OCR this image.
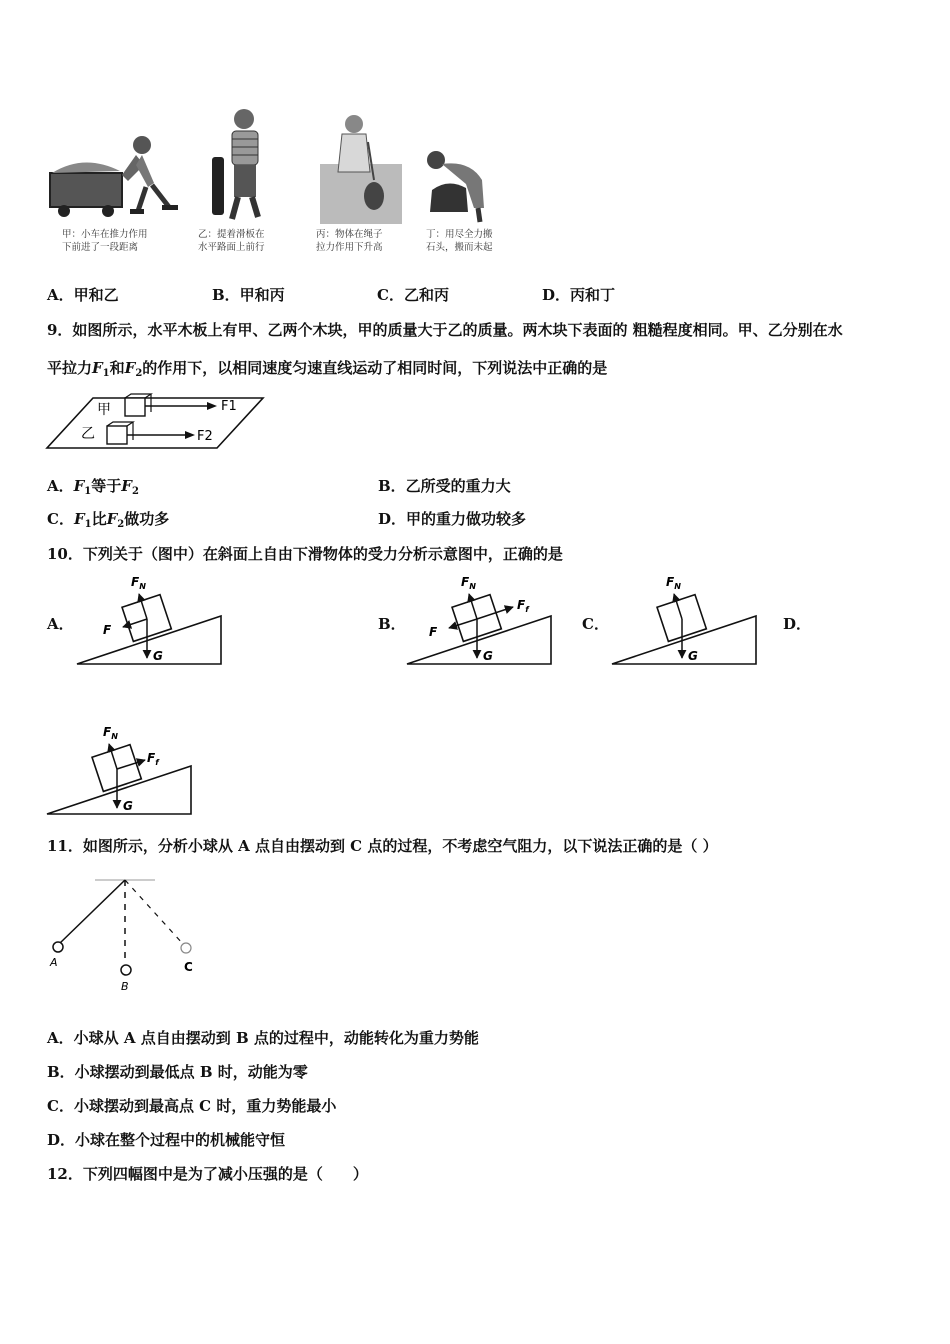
甲：小车在推力作用
下前进了一段距离
乙：提着滑板在
水平路面上前行
丙：物体在绳子
拉力作用下升高
丁：用尽全力搬
石头，搬而未起
A．甲和乙	B．甲和丙	C．乙和丙	D．丙和丁
9．如图所示，水平木板上有甲、乙两个木块，甲的质量大于乙的质量。两木块下表面的 粗糙程度相同。甲、乙分别在水
平拉力$F_1$和$F_2$的作用下，以相同速度匀速直线运动了相同时间，下列说法中正确的是
甲	F1
乙	F2
A．$F_1$等于$F_2$	B．乙所受的重力大
C．$F_1$比$F_2$做功多	D．甲的重力做功较多
10．下列关于（图中）在斜面上自由下滑物体的受力分析示意图中，正确的是
A．	B．	C．	D．
$F_N$
F
G
$F_N$
F
$F_f$
G
$F_N$
G
$F_N$
$F_f$
G
11．如图所示，分析小球从 A 点自由摆动到 C 点的过程，不考虑空气阻力，以下说法正确的是（ ）
A
B
C
A．小球从 A 点自由摆动到 B 点的过程中，动能转化为重力势能
B．小球摆动到最低点 B 时，动能为零
C．小球摆动到最高点 C 时，重力势能最小
D．小球在整个过程中的机械能守恒
12．下列四幅图中是为了减小压强的是（　　）
